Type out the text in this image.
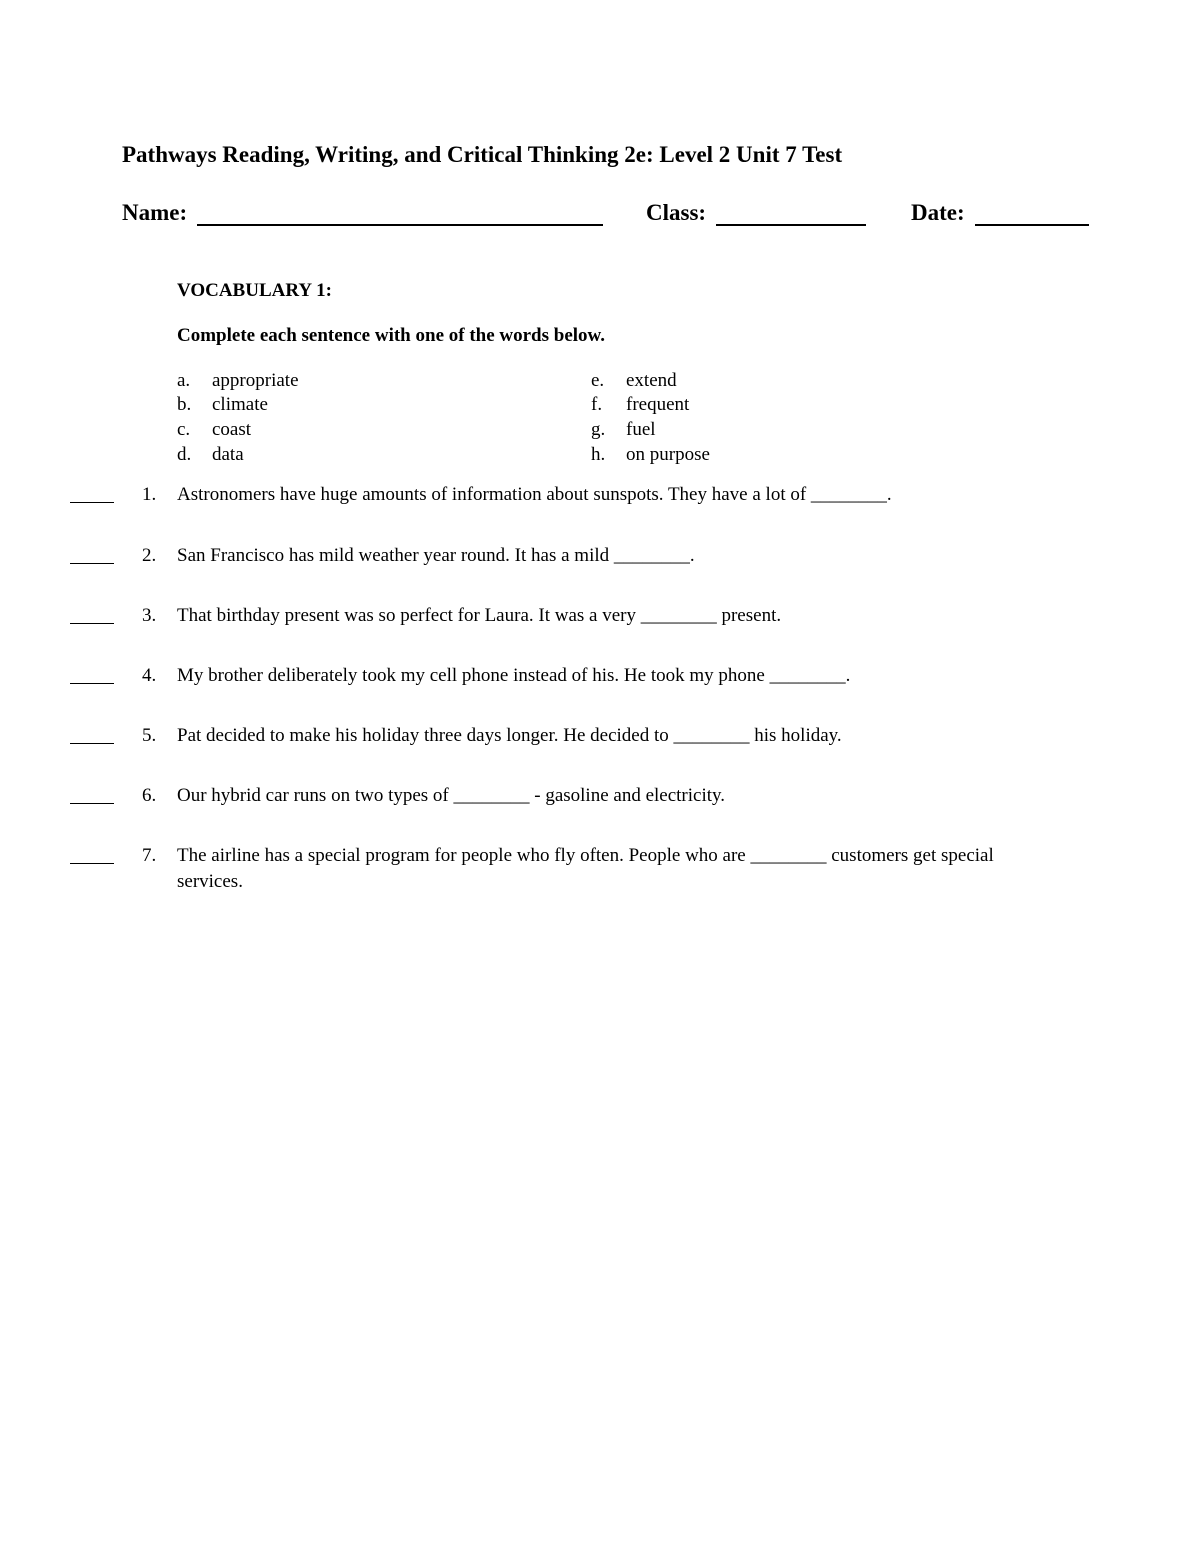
Pathways Reading, Writing, and Critical Thinking 2e: Level 2 Unit 7 Test
Name:	Class:	Date:
VOCABULARY 1:
Complete each sentence with one of the words below.
a. appropriate
b. climate
c. coast
d. data
e. extend
f. frequent
g. fuel
h. on purpose
1. Astronomers have huge amounts of information about sunspots. They have a lot of ________.
2. San Francisco has mild weather year round. It has a mild ________.
3. That birthday present was so perfect for Laura. It was a very ________ present.
4. My brother deliberately took my cell phone instead of his. He took my phone ________.
5. Pat decided to make his holiday three days longer. He decided to ________ his holiday.
6. Our hybrid car runs on two types of ________ - gasoline and electricity.
7. The airline has a special program for people who fly often. People who are ________ customers get special services.
